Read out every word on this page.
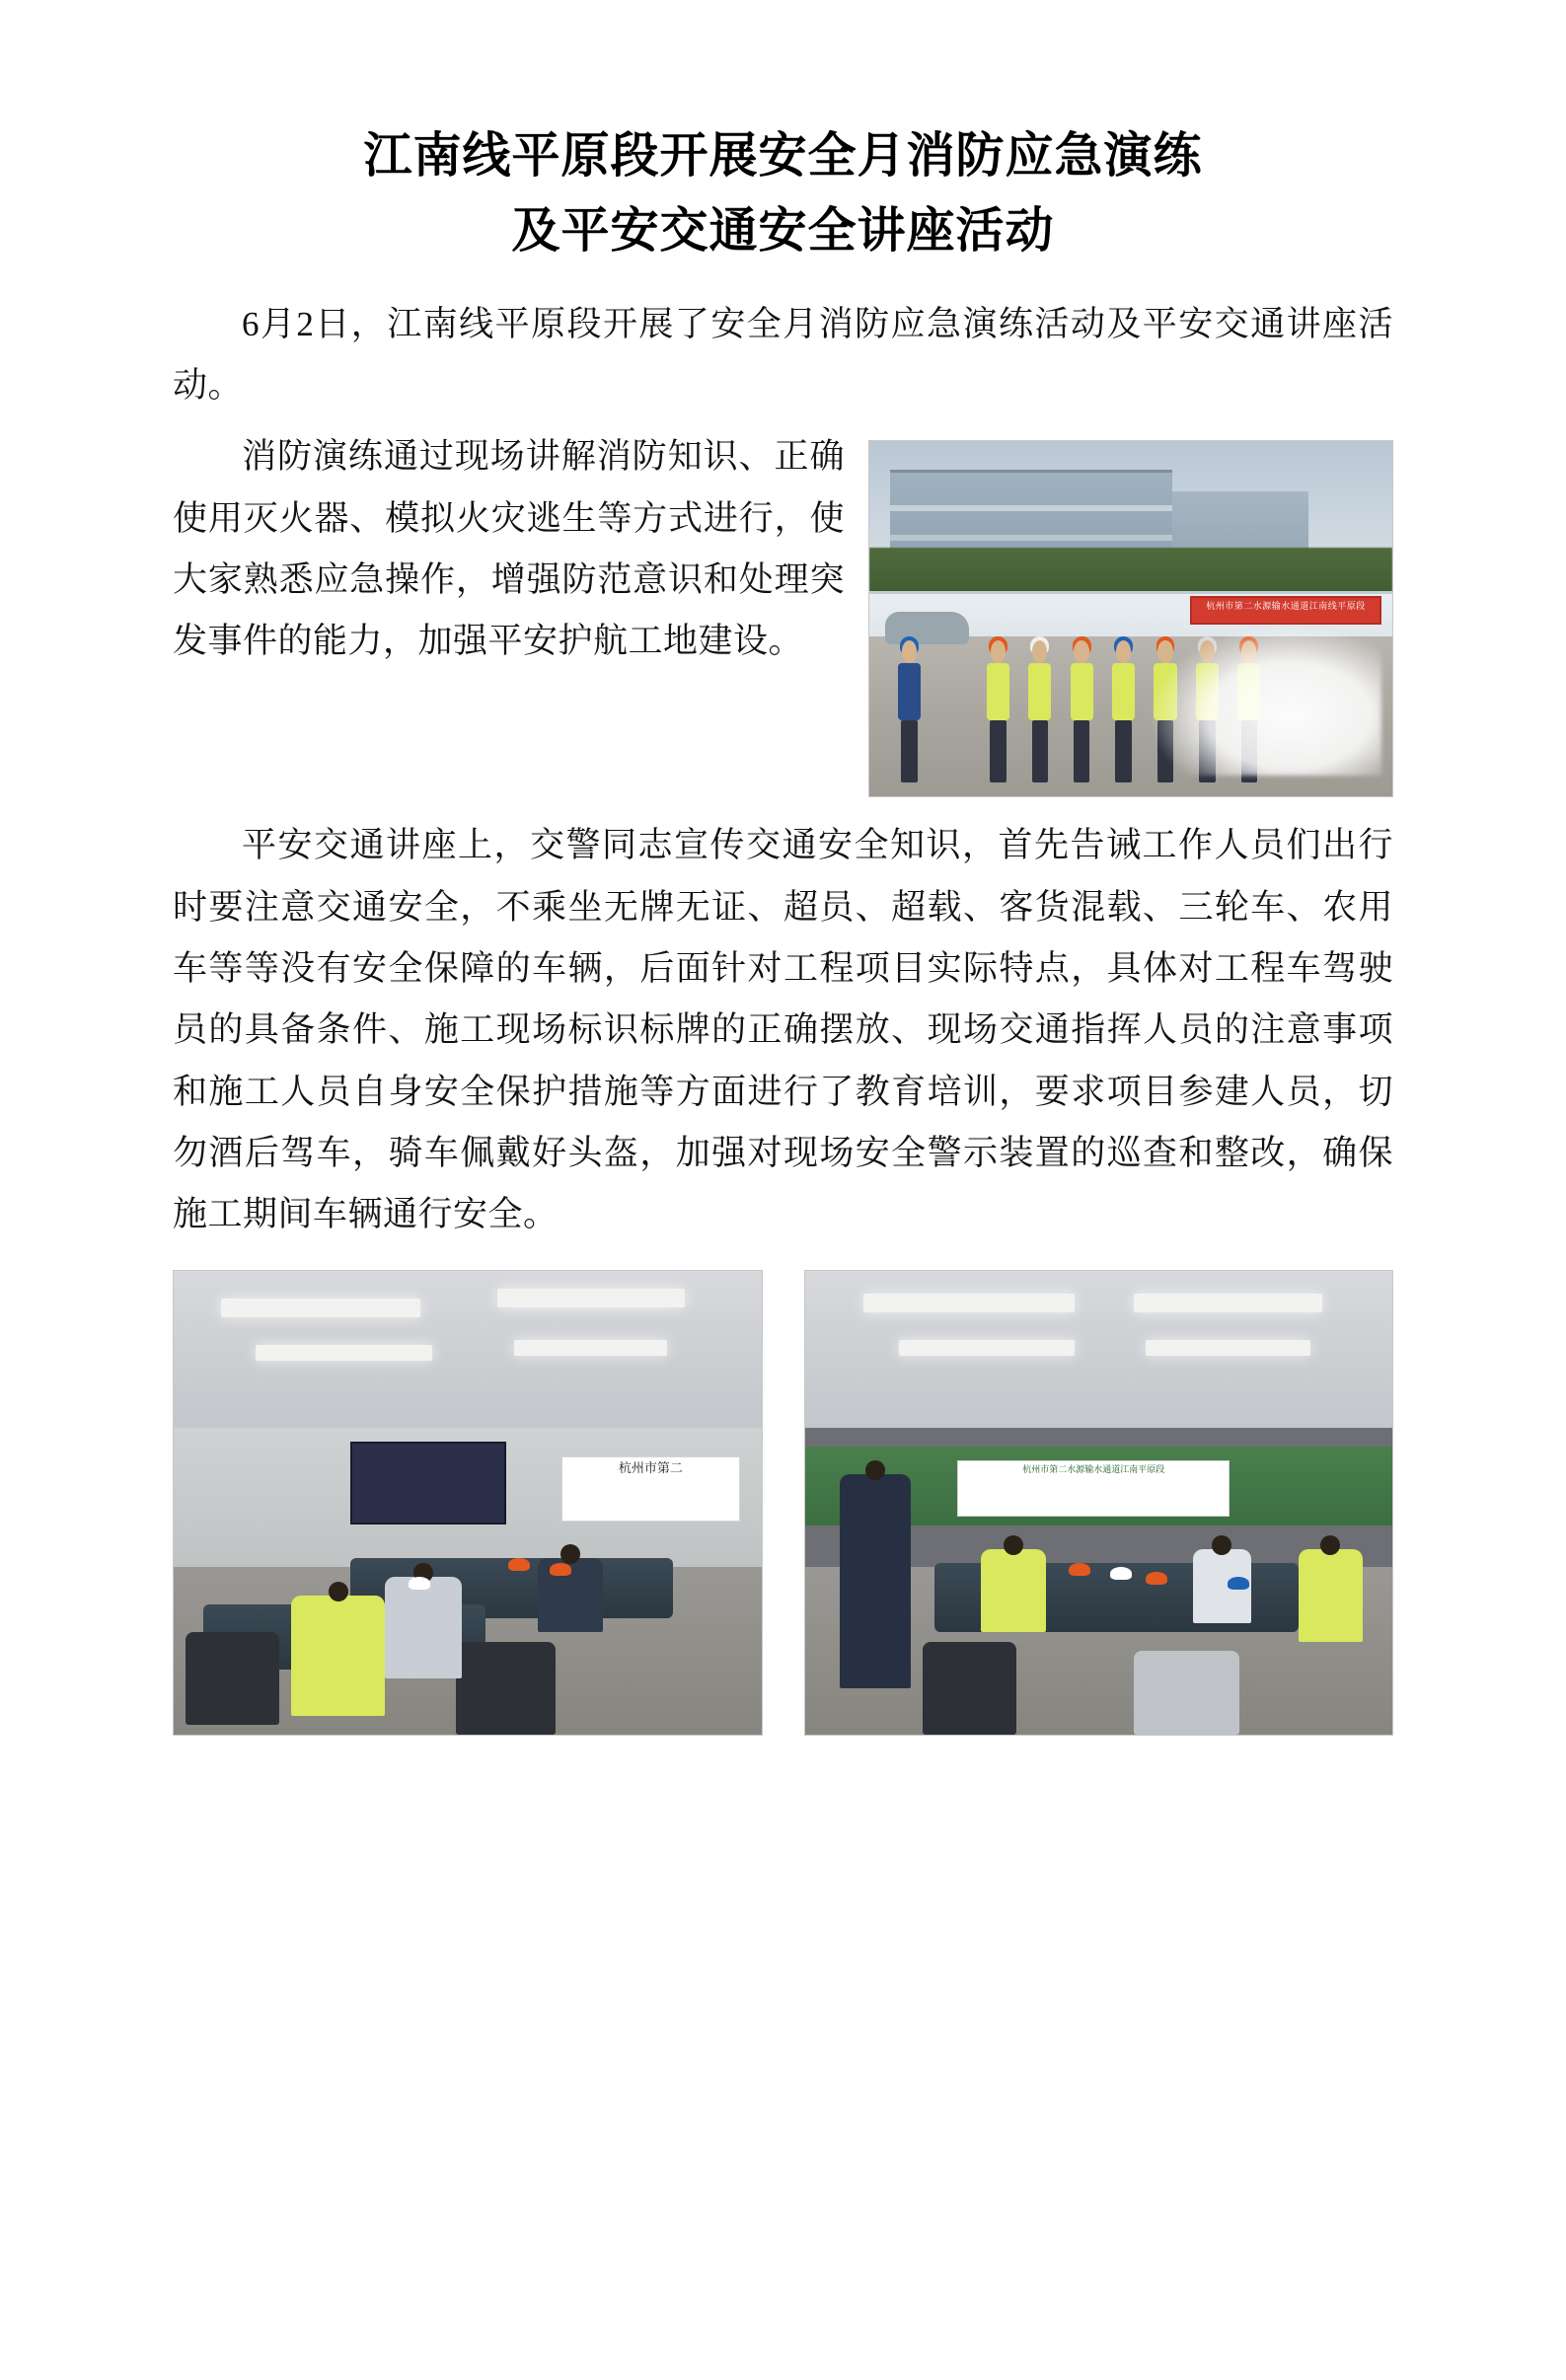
江南线平原段开展安全月消防应急演练
及平安交通安全讲座活动

6月2日，江南线平原段开展了安全月消防应急演练活动及平安交通讲座活动。

杭州市第二水源输水通道江南线平原段

消防演练通过现场讲解消防知识、正确使用灭火器、模拟火灾逃生等方式进行，使大家熟悉应急操作，增强防范意识和处理突发事件的能力，加强平安护航工地建设。

平安交通讲座上，交警同志宣传交通安全知识，首先告诫工作人员们出行时要注意交通安全，不乘坐无牌无证、超员、超载、客货混载、三轮车、农用车等等没有安全保障的车辆，后面针对工程项目实际特点，具体对工程车驾驶员的具备条件、施工现场标识标牌的正确摆放、现场交通指挥人员的注意事项和施工人员自身安全保护措施等方面进行了教育培训，要求项目参建人员，切勿酒后驾车，骑车佩戴好头盔，加强对现场安全警示装置的巡查和整改，确保施工期间车辆通行安全。

杭州市第二	杭州市第二水源输水通道江南平原段
